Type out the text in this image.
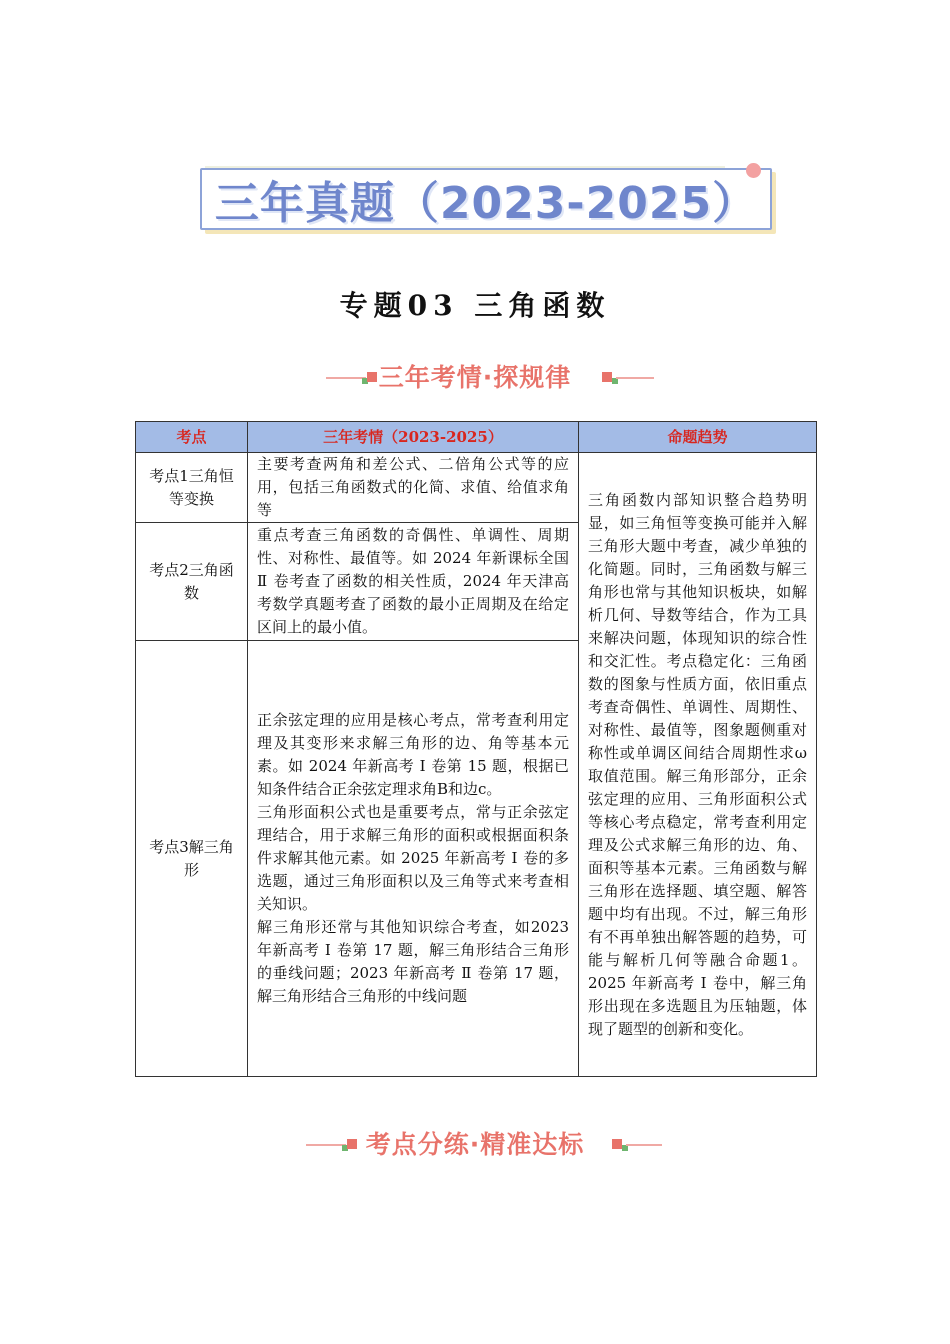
三年真题（2023-2025）
专题03 三角函数
三年考情·探规律
考点	三年考情（2023-2025）	命题趋势
考点1三角恒等变换	主要考查两角和差公式、二倍角公式等的应用，包括三角函数式的化简、求值、给值求角等	三角函数内部知识整合趋势明显，如三角恒等变换可能并入解三角形大题中考查，减少单独的化简题。同时，三角函数与解三角形也常与其他知识板块，如解析几何、导数等结合，作为工具来解决问题，体现知识的综合性和交汇性。考点稳定化：三角函数的图象与性质方面，依旧重点考查奇偶性、单调性、周期性、对称性、最值等，图象题侧重对称性或单调区间结合周期性求ω取值范围。解三角形部分，正余弦定理的应用、三角形面积公式等核心考点稳定，常考查利用定理及公式求解三角形的边、角、面积等基本元素。三角函数与解三角形在选择题、填空题、解答题中均有出现。不过，解三角形有不再单独出解答题的趋势，可能与解析几何等融合命题1。2025 年新高考 Ⅰ 卷中，解三角形出现在多选题且为压轴题，体现了题型的创新和变化。

考点2三角函数	重点考查三角函数的奇偶性、单调性、周期性、对称性、最值等。如 2024 年新课标全国 Ⅱ 卷考查了函数的相关性质，2024 年天津高考数学真题考查了函数的最小正周期及在给定区间上的最小值。	

考点3解三角形	正余弦定理的应用是核心考点，常考查利用定理及其变形来求解三角形的边、角等基本元素。如 2024 年新高考 Ⅰ 卷第 15 题，根据已知条件结合正余弦定理求角B和边c。

三角形面积公式也是重要考点，常与正余弦定理结合，用于求解三角形的面积或根据面积条件求解其他元素。如 2025 年新高考 Ⅰ 卷的多选题，通过三角形面积以及三角等式来考查相关知识。

解三角形还常与其他知识综合考查，如2023 年新高考 Ⅰ 卷第 17 题，解三角形结合三角形的垂线问题；2023 年新高考 Ⅱ 卷第 17 题，解三角形结合三角形的中线问题	

考点分练·精准达标
